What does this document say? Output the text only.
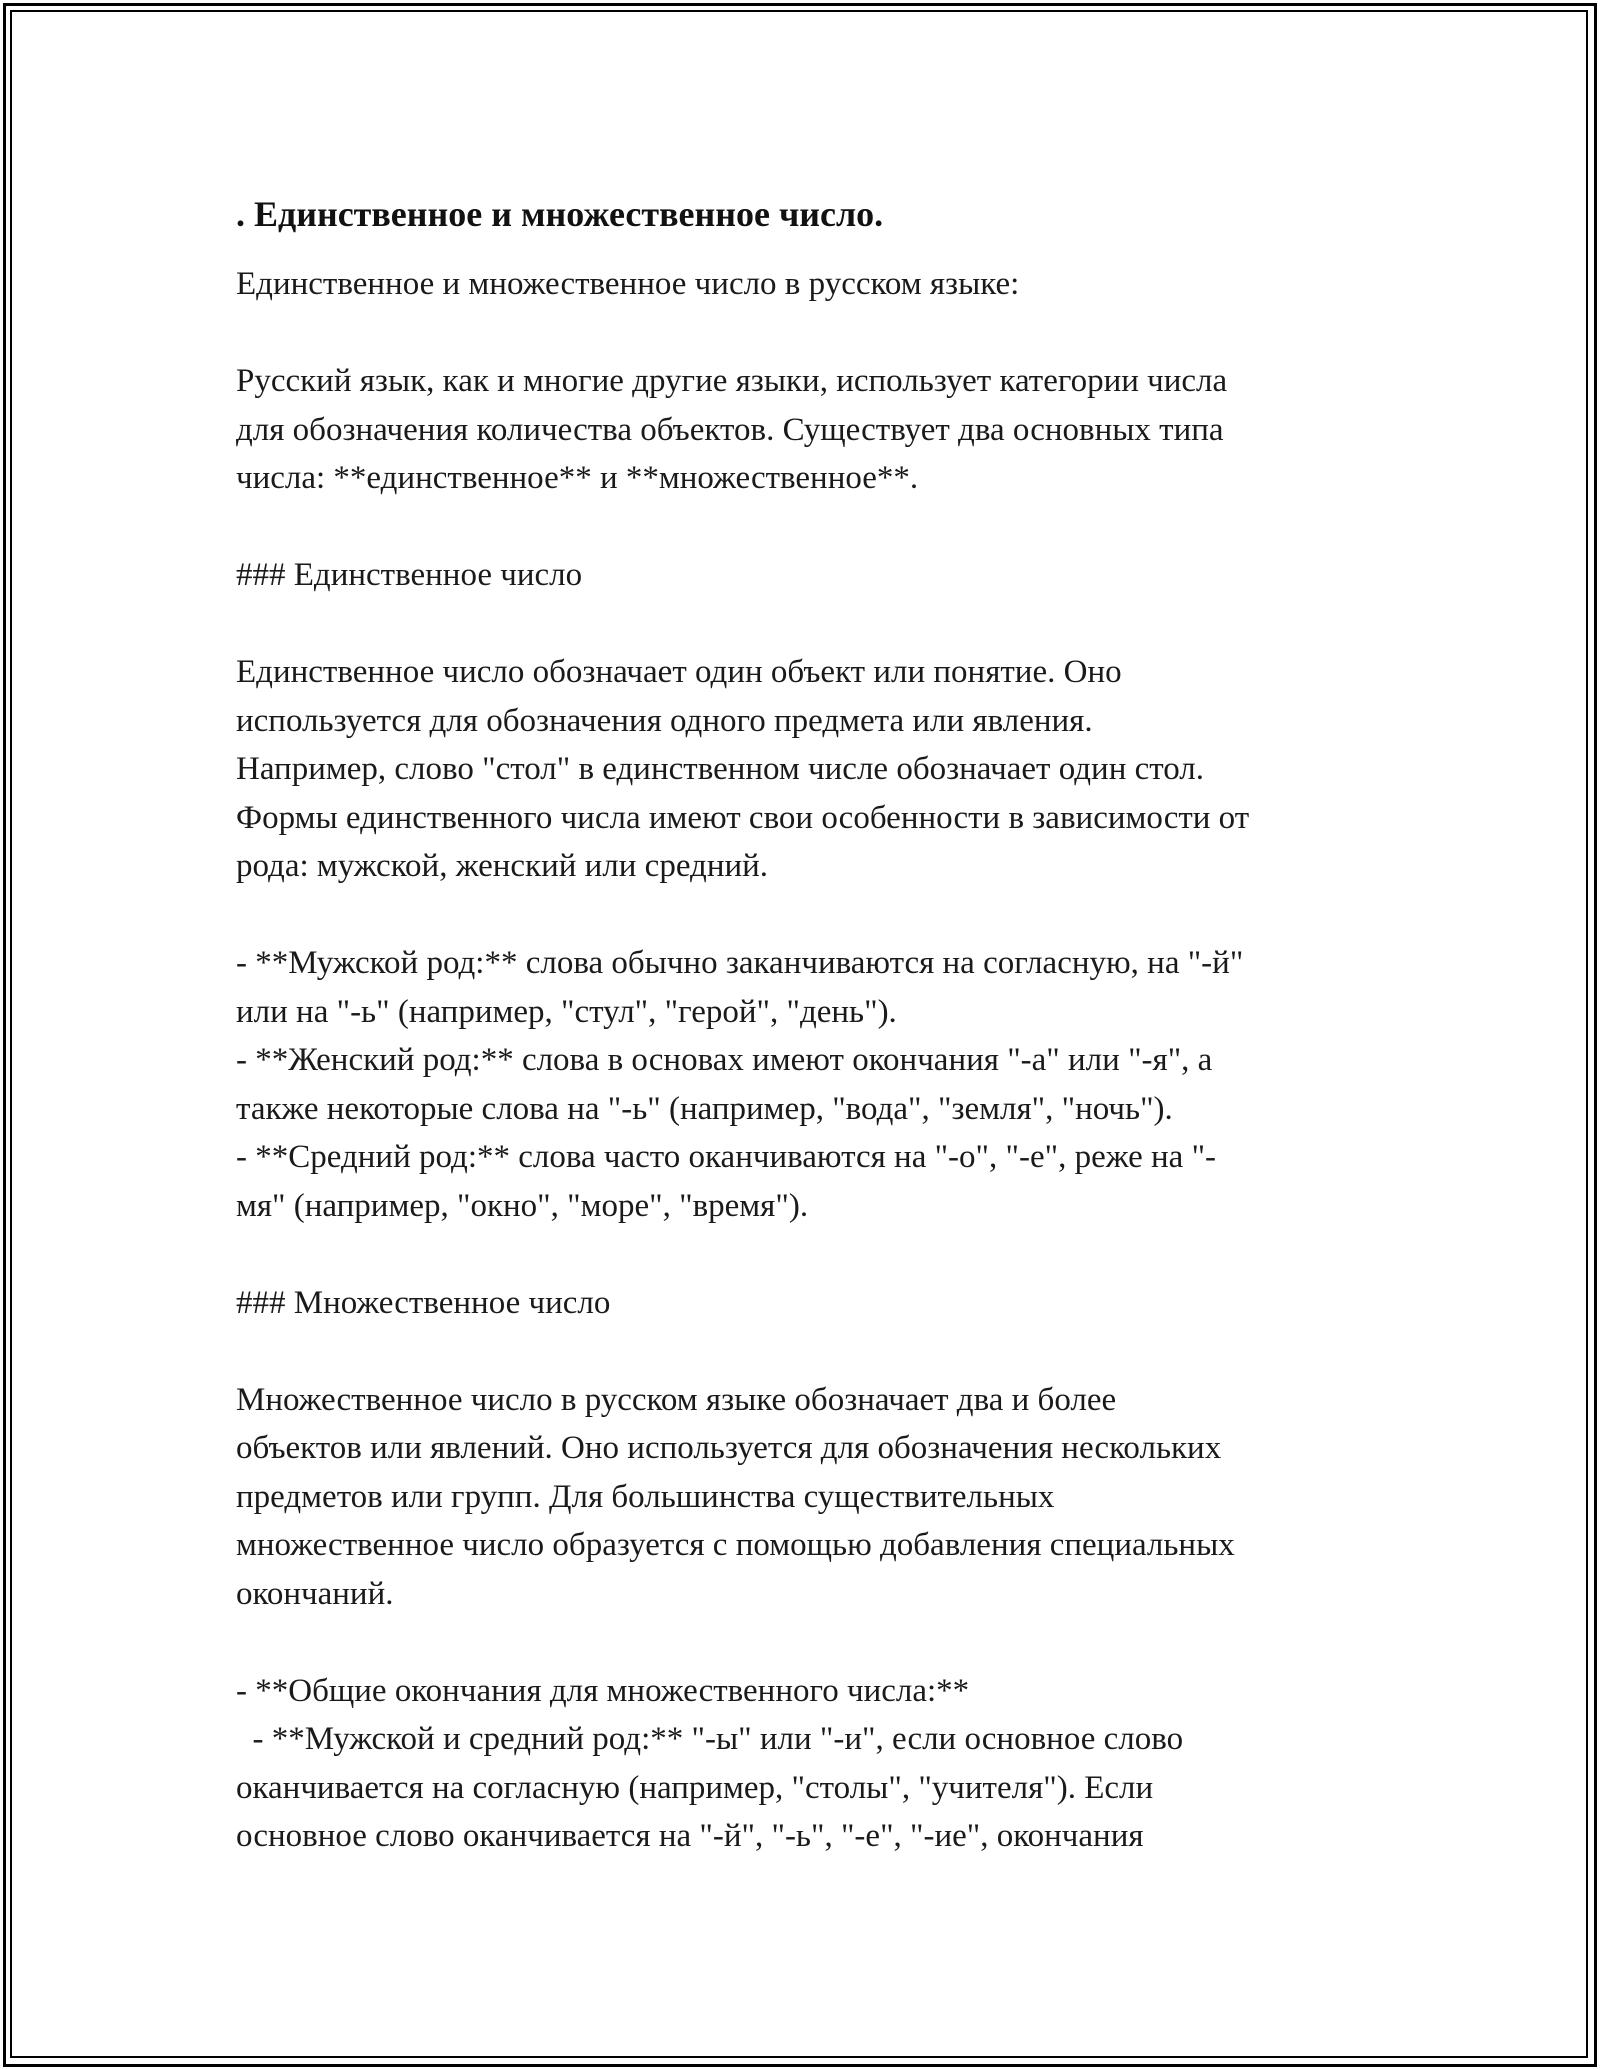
. Единственное и множественное число.
Единственное и множественное число в русском языке:
Русский язык, как и многие другие языки, использует категории числа
для обозначения количества объектов. Существует два основных типа
числа: **единственное** и **множественное**.
### Единственное число
Единственное число обозначает один объект или понятие. Оно
используется для обозначения одного предмета или явления.
Например, слово "стол" в единственном числе обозначает один стол.
Формы единственного числа имеют свои особенности в зависимости от
рода: мужской, женский или средний.
- **Мужской род:** слова обычно заканчиваются на согласную, на "-й"
или на "-ь" (например, "стул", "герой", "день").
- **Женский род:** слова в основах имеют окончания "-а" или "-я", а
также некоторые слова на "-ь" (например, "вода", "земля", "ночь").
- **Средний род:** слова часто оканчиваются на "-о", "-е", реже на "-
мя" (например, "окно", "море", "время").
### Множественное число
Множественное число в русском языке обозначает два и более
объектов или явлений. Оно используется для обозначения нескольких
предметов или групп. Для большинства существительных
множественное число образуется с помощью добавления специальных
окончаний.
- **Общие окончания для множественного числа:**
- **Мужской и средний род:** "-ы" или "-и", если основное слово
оканчивается на согласную (например, "столы", "учителя"). Если
основное слово оканчивается на "-й", "-ь", "-е", "-ие", окончания
